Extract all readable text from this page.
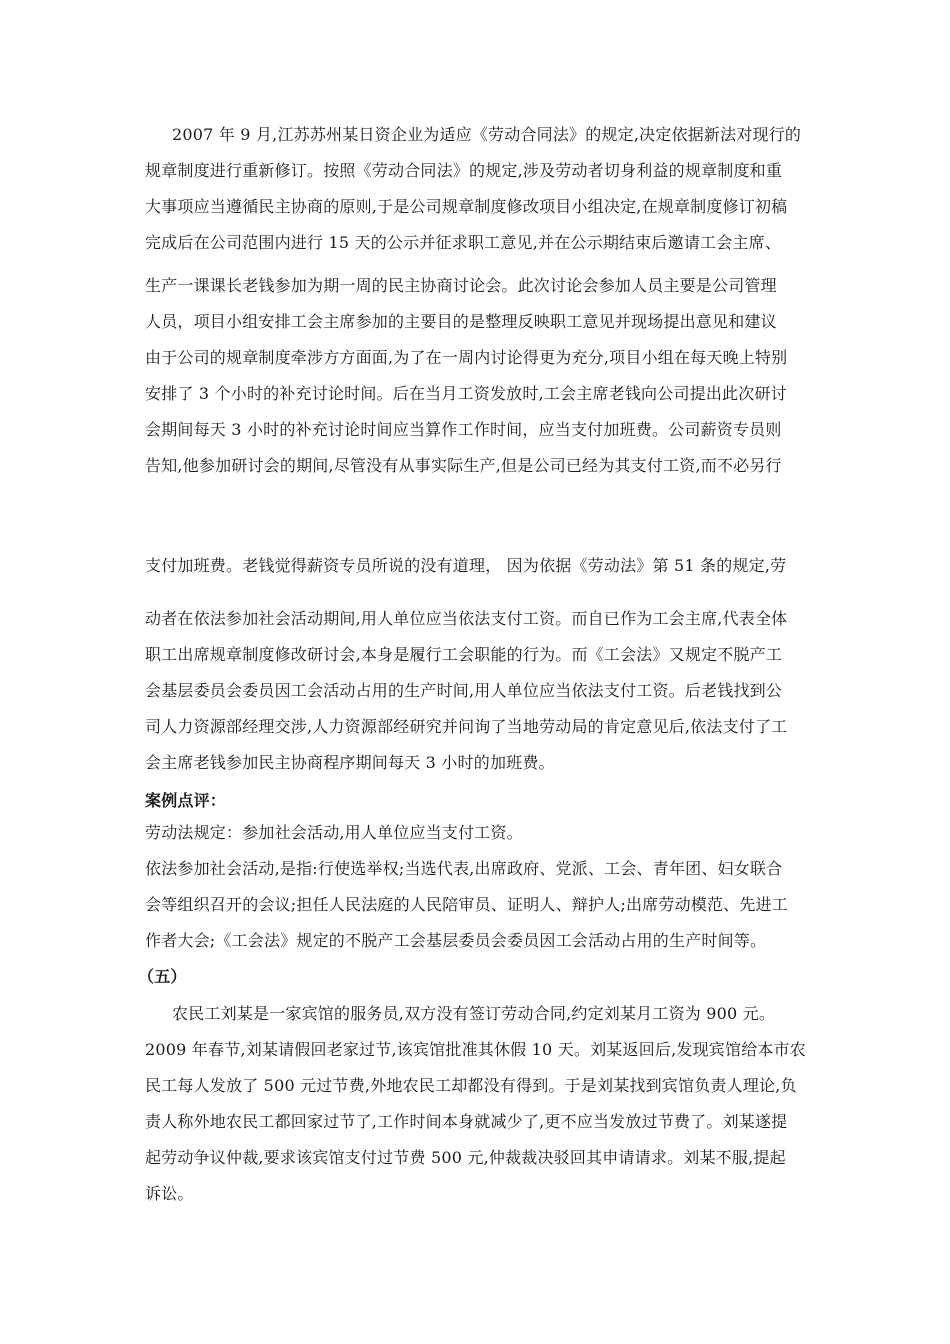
2007 年 9 月,江苏苏州某日资企业为适应《劳动合同法》的规定,决定依据新法对现行的
规章制度进行重新修订。按照《劳动合同法》的规定,涉及劳动者切身利益的规章制度和重
大事项应当遵循民主协商的原则,于是公司规章制度修改项目小组决定,在规章制度修订初稿
完成后在公司范围内进行 15 天的公示并征求职工意见,并在公示期结束后邀请工会主席、
生产一课课长老钱参加为期一周的民主协商讨论会。此次讨论会参加人员主要是公司管理
人员，项目小组安排工会主席参加的主要目的是整理反映职工意见并现场提出意见和建议
由于公司的规章制度牵涉方方面面,为了在一周内讨论得更为充分,项目小组在每天晚上特别
安排了 3 个小时的补充讨论时间。后在当月工资发放时,工会主席老钱向公司提出此次研讨
会期间每天 3 小时的补充讨论时间应当算作工作时间，应当支付加班费。公司薪资专员则
告知,他参加研讨会的期间,尽管没有从事实际生产,但是公司已经为其支付工资,而不必另行
支付加班费。老钱觉得薪资专员所说的没有道理， 因为依据《劳动法》第 51 条的规定,劳
动者在依法参加社会活动期间,用人单位应当依法支付工资。而自已作为工会主席,代表全体
职工出席规章制度修改研讨会,本身是履行工会职能的行为。而《工会法》又规定不脱产工
会基层委员会委员因工会活动占用的生产时间,用人单位应当依法支付工资。后老钱找到公
司人力资源部经理交涉,人力资源部经研究并问询了当地劳动局的肯定意见后,依法支付了工
会主席老钱参加民主协商程序期间每天 3 小时的加班费。
案例点评：
劳动法规定：参加社会活动,用人单位应当支付工资。
依法参加社会活动,是指:行使选举权;当选代表,出席政府、党派、工会、青年团、妇女联合
会等组织召开的会议;担任人民法庭的人民陪审员、证明人、辩护人;出席劳动模范、先进工
作者大会;《工会法》规定的不脱产工会基层委员会委员因工会活动占用的生产时间等。
（五）
农民工刘某是一家宾馆的服务员,双方没有签订劳动合同,约定刘某月工资为 900 元。
2009 年春节,刘某请假回老家过节,该宾馆批准其休假 10 天。刘某返回后,发现宾馆给本市农
民工每人发放了 500 元过节费,外地农民工却都没有得到。于是刘某找到宾馆负责人理论,负
责人称外地农民工都回家过节了,工作时间本身就减少了,更不应当发放过节费了。刘某遂提
起劳动争议仲裁,要求该宾馆支付过节费 500 元,仲裁裁决驳回其申请请求。刘某不服,提起
诉讼。
